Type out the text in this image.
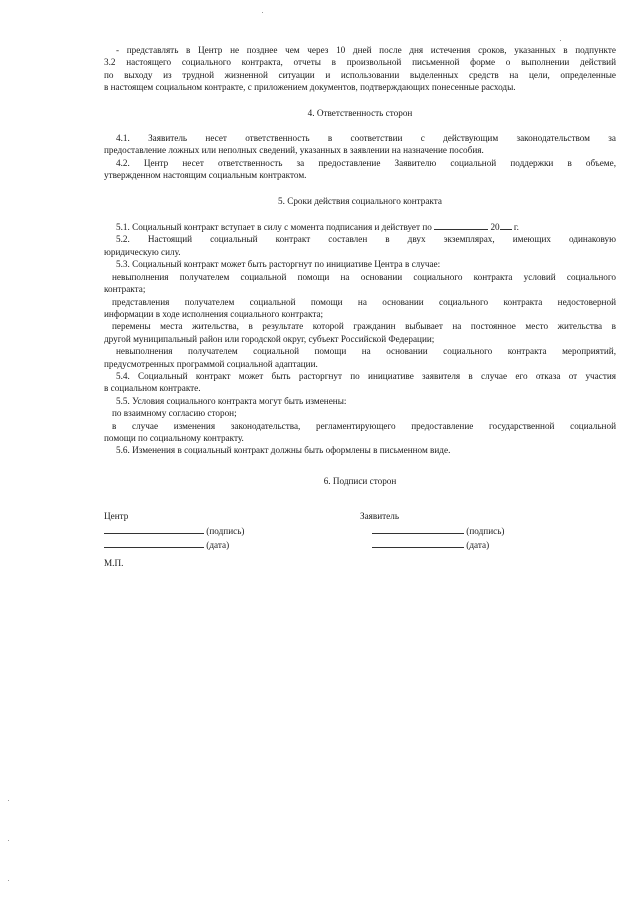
- представлять в Центр не позднее чем через 10 дней после дня истечения сроков, указанных в подпункте

3.2 настоящего социального контракта, отчеты в произвольной письменной форме о выполнении действий

по выходу из трудной жизненной ситуации и использовании выделенных средств на цели, определенные

в настоящем социальном контракте, с приложением документов, подтверждающих понесенные расходы.

4. Ответственность сторон

4.1. Заявитель несет ответственность в соответствии с действующим законодательством за

предоставление ложных или неполных сведений, указанных в заявлении на назначение пособия.

4.2. Центр несет ответственность за предоставление Заявителю социальной поддержки в объеме,

утвержденном настоящим социальным контрактом.

5. Сроки действия социального контракта

5.1. Социальный контракт вступает в силу с момента подписания и действует по	20 г.

5.2. Настоящий социальный контракт составлен в двух экземплярах, имеющих одинаковую

юридическую силу.

5.3. Социальный контракт может быть расторгнут по инициативе Центра в случае:

невыполнения получателем социальной помощи на основании социального контракта условий социального

контракта;

представления получателем социальной помощи на основании социального контракта недостоверной

информации в ходе исполнения социального контракта;

перемены места жительства, в результате которой гражданин выбывает на постоянное место жительства в

другой муниципальный район или городской округ, субъект Российской Федерации;

невыполнения получателем социальной помощи на основании социального контракта мероприятий,

предусмотренных программой социальной адаптации.

5.4. Социальный контракт может быть расторгнут по инициативе заявителя в случае его отказа от участия

в социальном контракте.

5.5. Условия социального контракта могут быть изменены:

по взаимному согласию сторон;

в случае изменения законодательства, регламентирующего предоставление государственной социальной

помощи по социальному контракту.

5.6. Изменения в социальный контракт должны быть оформлены в письменном виде.

6. Подписи сторон

Центр
(подпись)
(дата)
Заявитель
(подпись)
(дата)
М.П.
